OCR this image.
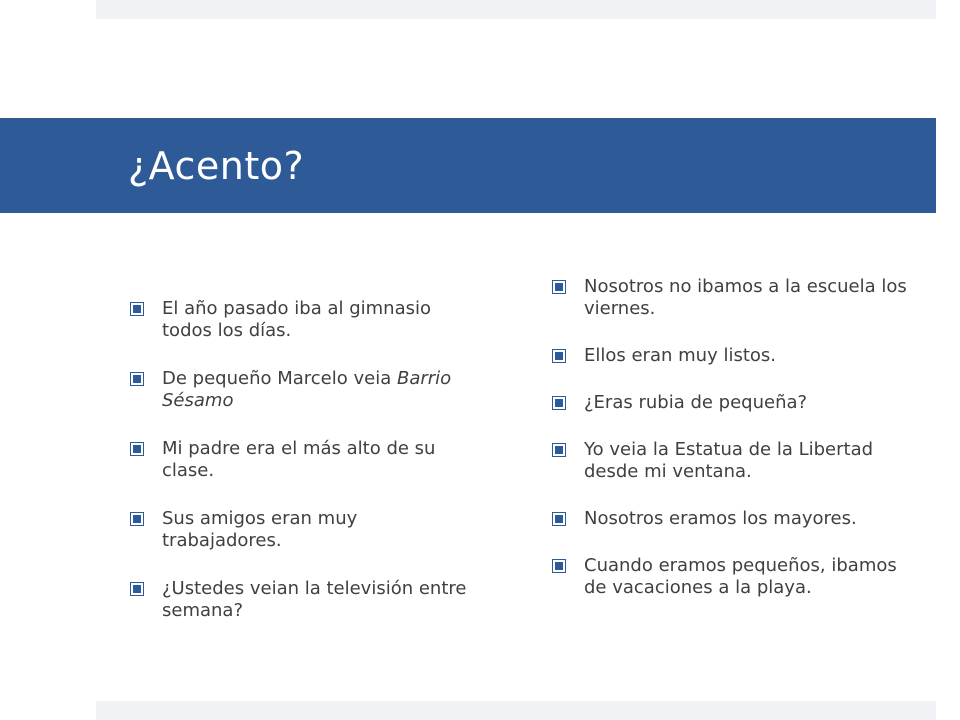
¿Acento?
El año pasado iba al gimnasio todos los días.
De pequeño Marcelo veia Barrio Sésamo
Mi padre era el más alto de su clase.
Sus amigos eran muy trabajadores.
¿Ustedes veian la televisión entre semana?
Nosotros no ibamos a la escuela los viernes.
Ellos eran muy listos.
¿Eras rubia de pequeña?
Yo veia la Estatua de la Libertad desde mi ventana.
Nosotros eramos los mayores.
Cuando eramos pequeños, ibamos de vacaciones a la playa.
